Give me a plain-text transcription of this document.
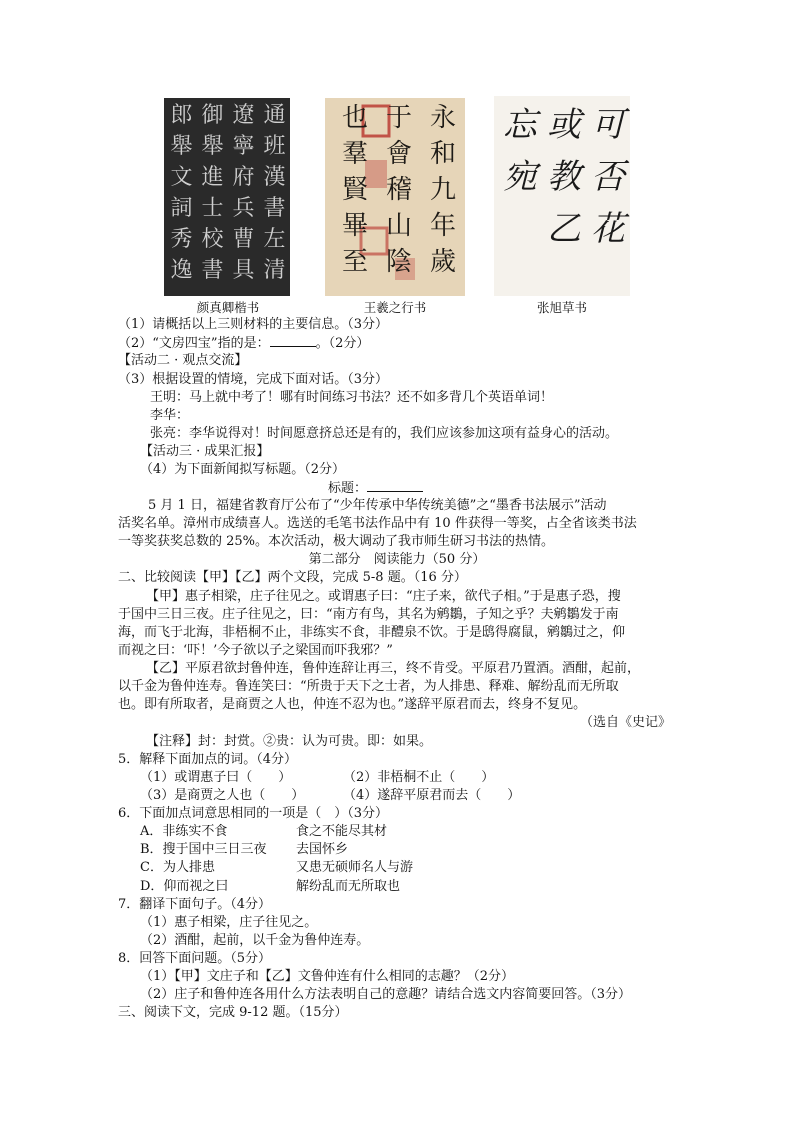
通
班
漢
書
左
清
遼
寧
府
兵
曹
具
御
舉
進
士
校
書
郎
舉
文
詞
秀
逸
永
和
九
年
歲
于
會
稽
山
陰
也
羣
賢
畢
至
可
否
花
或
教
乙
忘
宛
颜真卿楷书	王羲之行书	张旭草书
（1）请概括以上三则材料的主要信息。（3分）
（2）“文房四宝”指的是：	。（2分）
【活动二 · 观点交流】
（3）根据设置的情境，完成下面对话。（3分）
王明：马上就中考了！哪有时间练习书法？还不如多背几个英语单词！
李华：
张亮：李华说得对！时间愿意挤总还是有的，我们应该参加这项有益身心的活动。
【活动三 · 成果汇报】
（4）为下面新闻拟写标题。（2分）
标题：
5 月 1 日，福建省教育厅公布了“少年传承中华传统美德”之“墨香书法展示”活动
活奖名单。漳州市成绩喜人。选送的毛笔书法作品中有 10 件获得一等奖，占全省该类书法
一等奖获奖总数的 25%。本次活动，极大调动了我市师生研习书法的热情。
第二部分　阅读能力（50 分）
二、比较阅读【甲】【乙】两个文段，完成 5-8 题。（16 分）
【甲】惠子相梁，庄子往见之。或谓惠子曰：“庄子来，欲代子相。”于是惠子恐，搜
于国中三日三夜。庄子往见之，曰：“南方有鸟，其名为鹓鶵，子知之乎？夫鹓鶵发于南
海，而飞于北海，非梧桐不止，非练实不食，非醴泉不饮。于是鸱得腐鼠，鹓鶵过之，仰
而视之曰：‘吓！’今子欲以子之梁国而吓我邪？”
【乙】平原君欲封鲁仲连，鲁仲连辞让再三，终不肯受。平原君乃置酒。酒酣，起前，
以千金为鲁仲连寿。鲁连笑曰：“所贵于天下之士者，为人排患、释难、解纷乱而无所取
也。即有所取者，是商贾之人也，仲连不忍为也。”遂辞平原君而去，终身不复见。
（选自《史记》
【注释】封：封赏。②贵：认为可贵。即：如果。
5．解释下面加点的词。（4分）
（1）或谓惠子曰（　　）	（2）非梧桐不止（　　）
（3）是商贾之人也（　　）	（4）遂辞平原君而去（　　）
6．下面加点词意思相同的一项是（　）（3分）
A．非练实不食	食之不能尽其材
B．搜于国中三日三夜 去国怀乡
C．为人排患	又患无硕师名人与游
D．仰而视之曰	解纷乱而无所取也
7．翻译下面句子。（4分）
（1）惠子相梁，庄子往见之。
（2）酒酣，起前，以千金为鲁仲连寿。
8．回答下面问题。（5分）
（1）【甲】文庄子和【乙】文鲁仲连有什么相同的志趣？（2分）
（2）庄子和鲁仲连各用什么方法表明自己的意趣？请结合选文内容简要回答。（3分）
三、阅读下文，完成 9-12 题。（15分）
